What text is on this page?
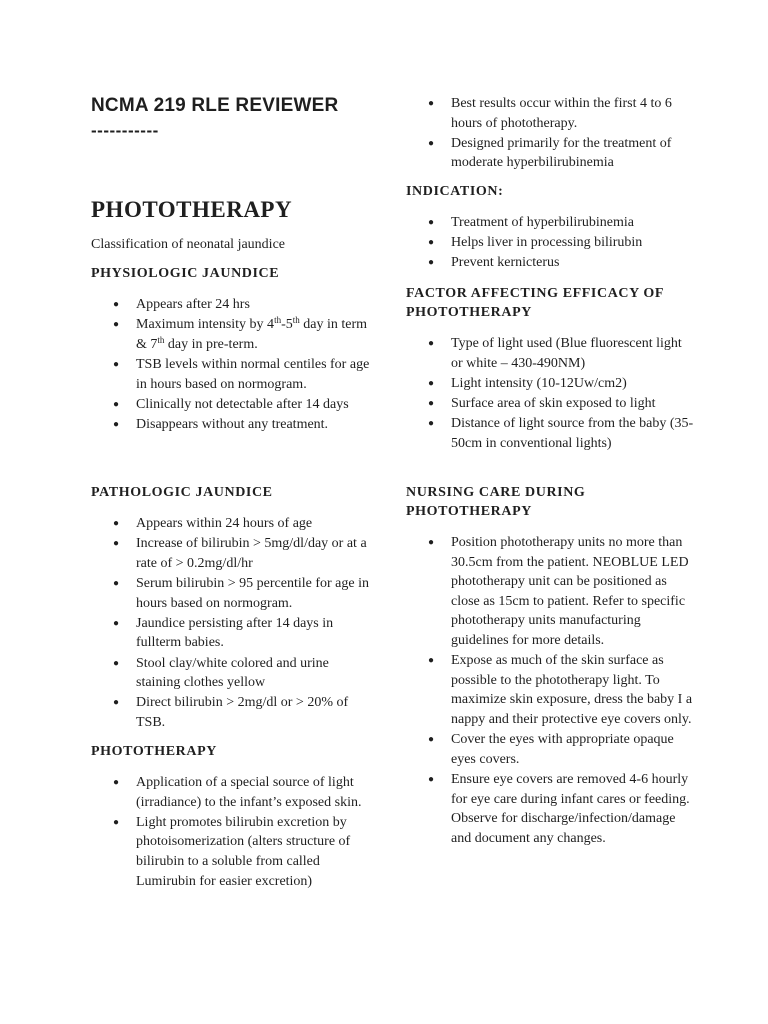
NCMA 219 RLE REVIEWER
-----------
PHOTOTHERAPY

Classification of neonatal jaundice

PHYSIOLOGIC JAUNDICE
● Appears after 24 hrs
● Maximum intensity by 4th-5th day in term & 7th day in pre-term.
● TSB levels within normal centiles for age in hours based on normogram.
● Clinically not detectable after 14 days
● Disappears without any treatment.
PATHOLOGIC JAUNDICE
● Appears within 24 hours of age
● Increase of bilirubin > 5mg/dl/day or at a rate of > 0.2mg/dl/hr
● Serum bilirubin > 95 percentile for age in hours based on normogram.
● Jaundice persisting after 14 days in fullterm babies.
● Stool clay/white colored and urine staining clothes yellow
● Direct bilirubin > 2mg/dl or > 20% of TSB.
PHOTOTHERAPY
● Application of a special source of light (irradiance) to the infant’s exposed skin.
● Light promotes bilirubin excretion by photoisomerization (alters structure of bilirubin to a soluble from called Lumirubin for easier excretion)
● Best results occur within the first 4 to 6 hours of phototherapy.
● Designed primarily for the treatment of moderate hyperbilirubinemia
INDICATION:
● Treatment of hyperbilirubinemia
● Helps liver in processing bilirubin
● Prevent kernicterus
FACTOR AFFECTING EFFICACY OF PHOTOTHERAPY
● Type of light used (Blue fluorescent light or white – 430-490NM)
● Light intensity (10-12Uw/cm2)
● Surface area of skin exposed to light
● Distance of light source from the baby (35-50cm in conventional lights)
NURSING CARE DURING PHOTOTHERAPY
● Position phototherapy units no more than 30.5cm from the patient. NEOBLUE LED phototherapy unit can be positioned as close as 15cm to patient. Refer to specific phototherapy units manufacturing guidelines for more details.
● Expose as much of the skin surface as possible to the phototherapy light. To maximize skin exposure, dress the baby I a nappy and their protective eye covers only.
● Cover the eyes with appropriate opaque eyes covers.
● Ensure eye covers are removed 4-6 hourly for eye care during infant cares or feeding. Observe for discharge/infection/damage and document any changes.
